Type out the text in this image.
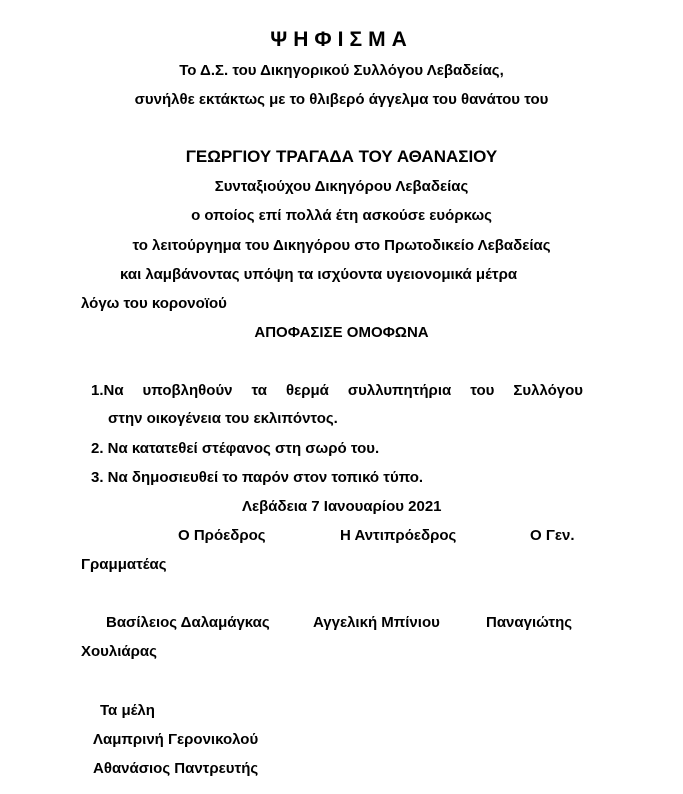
ΨΗΦΙΣΜΑ
Το Δ.Σ. του Δικηγορικού Συλλόγου Λεβαδείας,
συνήλθε εκτάκτως με το θλιβερό άγγελμα του θανάτου του
ΓΕΩΡΓΙΟΥ ΤΡΑΓΑΔΑ ΤΟΥ ΑΘΑΝΑΣΙΟΥ
Συνταξιούχου Δικηγόρου Λεβαδείας
ο οποίος επί πολλά έτη ασκούσε ευόρκως
το λειτούργημα του Δικηγόρου στο Πρωτοδικείο Λεβαδείας
και λαμβάνοντας υπόψη τα ισχύοντα υγειονομικά μέτρα
λόγω του κορονοϊού
ΑΠΟΦΑΣΙΣΕ ΟΜΟΦΩΝΑ
1.Να υποβληθούν τα θερμά συλλυπητήρια του Συλλόγου
στην οικογένεια του εκλιπόντος.
2. Να κατατεθεί στέφανος στη σωρό του.
3. Να δημοσιευθεί το παρόν στον τοπικό τύπο.
Λεβάδεια 7 Ιανουαρίου 2021
Ο Πρόεδρος	Η Αντιπρόεδρος	Ο Γεν.
Γραμματέας
Βασίλειος Δαλαμάγκας	Αγγελική Μπίνιου	Παναγιώτης
Χουλιάρας
Τα μέλη
Λαμπρινή Γερονικολού
Αθανάσιος Παντρευτής
